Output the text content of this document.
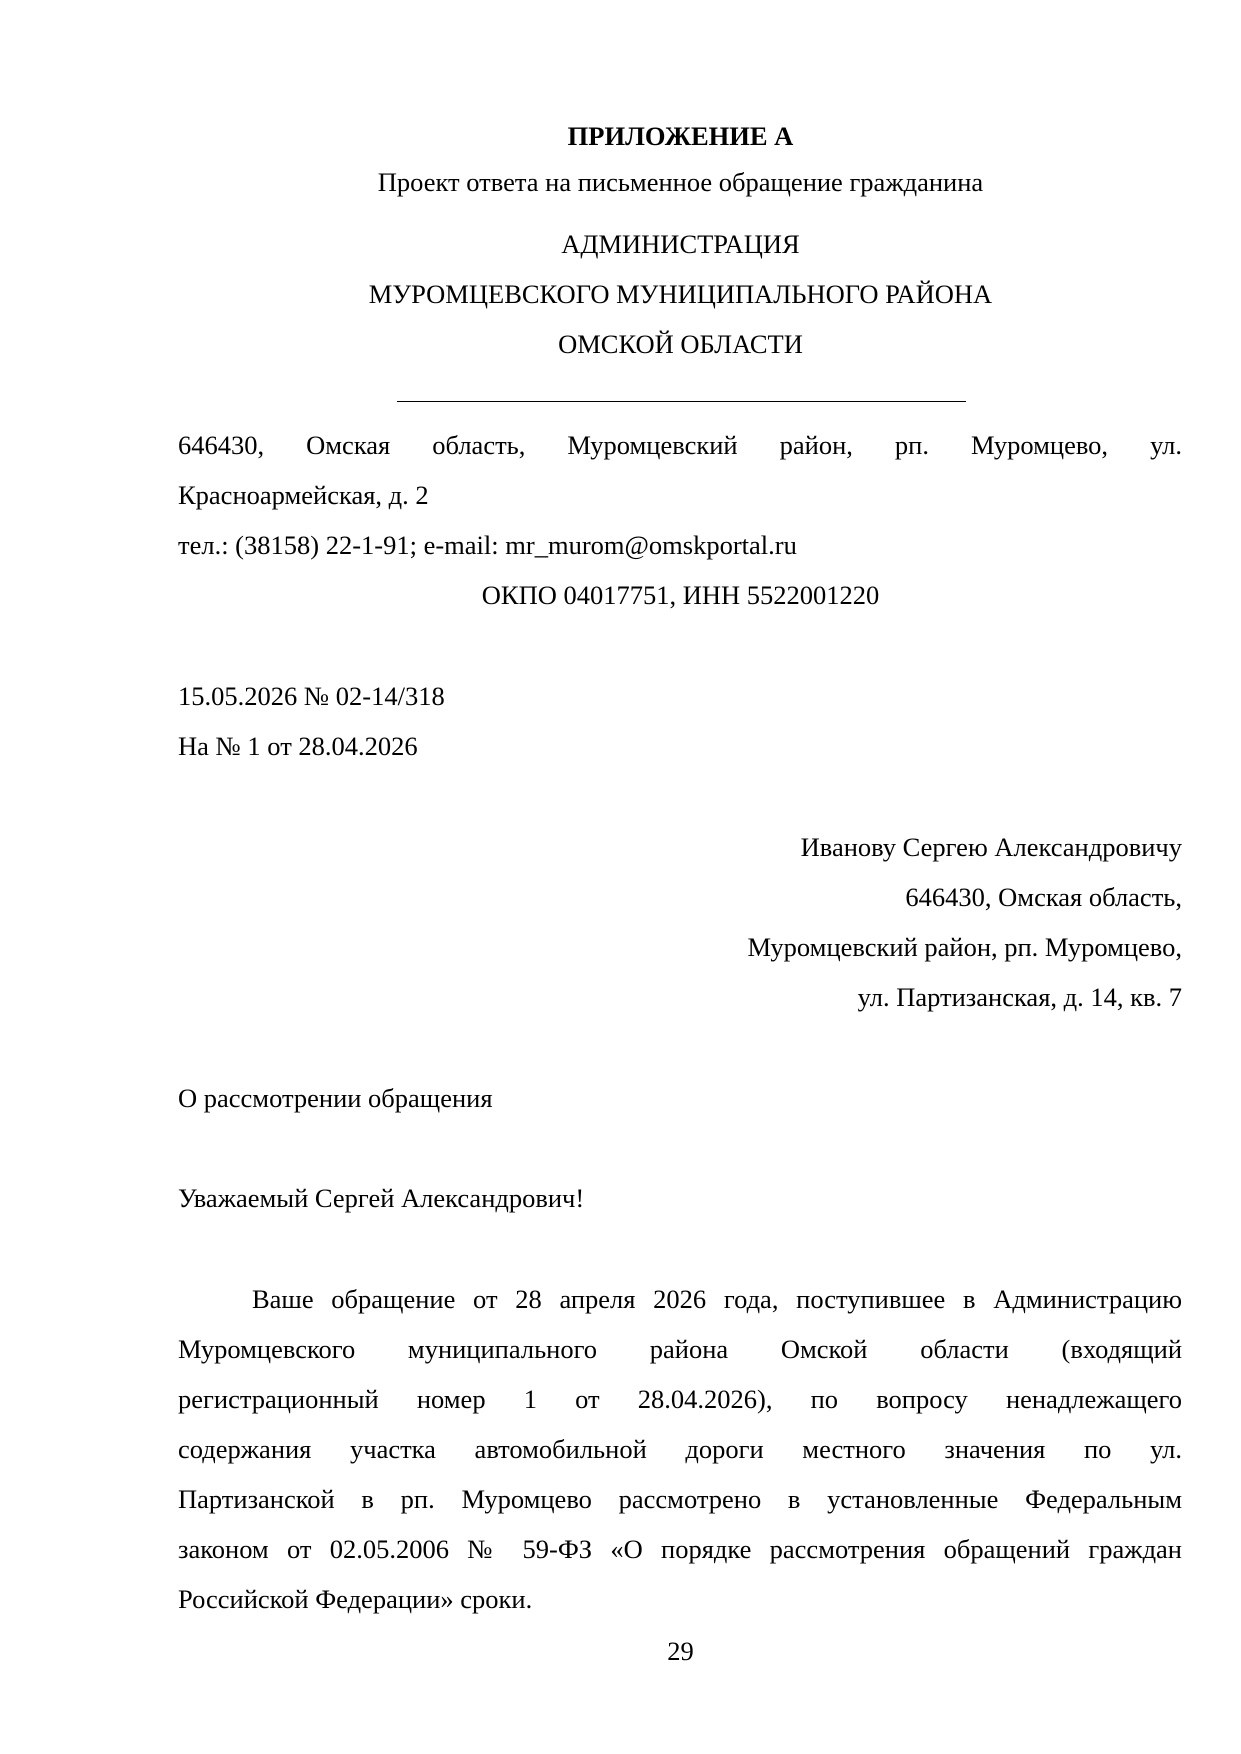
ПРИЛОЖЕНИЕ А
Проект ответа на письменное обращение гражданина
АДМИНИСТРАЦИЯ
МУРОМЦЕВСКОГО МУНИЦИПАЛЬНОГО РАЙОНА
ОМСКОЙ ОБЛАСТИ
646430, Омская область, Муромцевский район, рп. Муромцево, ул.
Красноармейская, д. 2
тел.: (38158) 22-1-91; e-mail: mr_murom@omskportal.ru
ОКПО 04017751, ИНН 5522001220
15.05.2026 № 02-14/318
На № 1 от 28.04.2026
Иванову Сергею Александровичу
646430, Омская область,
Муромцевский район, рп. Муромцево,
ул. Партизанская, д. 14, кв. 7
О рассмотрении обращения
Уважаемый Сергей Александрович!
Ваше обращение от 28 апреля 2026 года, поступившее в Администрацию
Муромцевского муниципального района Омской области (входящий
регистрационный номер 1 от 28.04.2026), по вопросу ненадлежащего
содержания участка автомобильной дороги местного значения по ул.
Партизанской в рп. Муромцево рассмотрено в установленные Федеральным
законом от 02.05.2006 № 59-ФЗ «О порядке рассмотрения обращений граждан
Российской Федерации» сроки.
29
